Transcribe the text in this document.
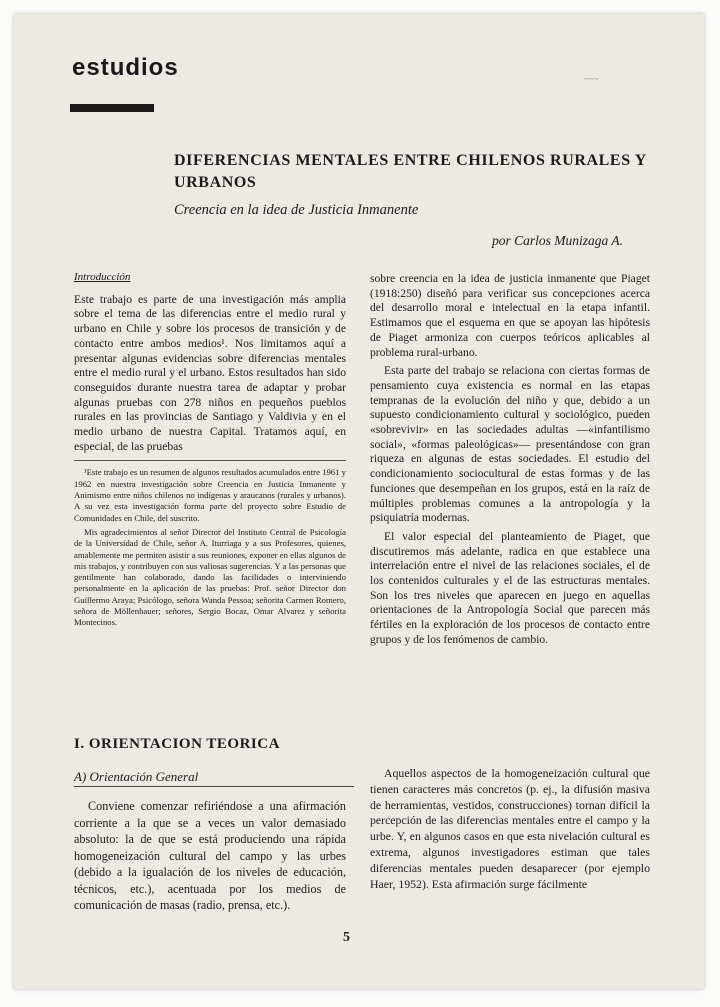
estudios	~~~
DIFERENCIAS MENTALES ENTRE CHILENOS RURALES Y URBANOS

Creencia en la idea de Justicia Inmanente

por Carlos Munizaga A.
Introducción

Este trabajo es parte de una investigación más amplia sobre el tema de las diferencias entre el medio rural y urbano en Chile y sobre los procesos de transición y de contacto entre ambos medios¹. Nos limitamos aquí a presentar algunas evidencias sobre diferencias mentales entre el medio rural y el urbano. Estos resultados han sido conseguidos durante nuestra tarea de adaptar y probar algunas pruebas con 278 niños en pequeños pueblos rurales en las provincias de Santiago y Valdivia y en el medio urbano de nuestra Capital. Tratamos aquí, en especial, de las pruebas

¹Este trabajo es un resumen de algunos resultados acumulados entre 1961 y 1962 en nuestra investigación sobre Creencia en Justicia Inmanente y Animismo entre niños chilenos no indígenas y araucanos (rurales y urbanos). A su vez esta investigación forma parte del proyecto sobre Estudio de Comunidades en Chile, del suscrito.

Mis agradecimientos al señor Director del Instituto Central de Psicología de la Universidad de Chile, señor A. Iturriaga y a sus Profesores, quienes, amablemente me permiten asistir a sus reuniones, exponer en ellas algunos de mis trabajos, y contribuyen con sus valiosas sugerencias. Y a las personas que gentilmente han colaborado, dando las facilidades o interviniendo personalmente en la aplicación de las pruebas: Prof. señor Director don Guillermo Araya; Psicólogo, señora Wanda Pessoa; señorita Carmen Romero, señora de Möllenhauer; señores, Sergio Bocaz, Omar Alvarez y señorita Montecinos.

sobre creencia en la idea de justicia inmanente que Piaget (1918:250) diseñó para verificar sus concepciones acerca del desarrollo moral e intelectual en la etapa infantil. Estimamos que el esquema en que se apoyan las hipótesis de Piaget armoniza con cuerpos teóricos aplicables al problema rural-urbano.

Esta parte del trabajo se relaciona con ciertas formas de pensamiento cuya existencia es normal en las etapas tempranas de la evolución del niño y que, debido a un supuesto condicionamiento cultural y sociológico, pueden «sobrevivir» en las sociedades adultas —«infantilismo social», «formas paleológicas»— presentándose con gran riqueza en algunas de estas sociedades. El estudio del condicionamiento sociocultural de estas formas y de las funciones que desempeñan en los grupos, está en la raíz de múltiples problemas comunes a la antropología y la psiquiatría modernas.

El valor especial del planteamiento de Piaget, que discutiremos más adelante, radica en que establece una interrelación entre el nivel de las relaciones sociales, el de los contenidos culturales y el de las estructuras mentales. Son los tres niveles que aparecen en juego en aquellas orientaciones de la Antropología Social que parecen más fértiles en la exploración de los procesos de contacto entre grupos y de los fenómenos de cambio.

I. ORIENTACION TEORICA
A) Orientación General

Conviene comenzar refiriéndose a una afirmación corriente a la que se a veces un valor demasiado absoluto: la de que se está produciendo una rápida homogeneización cultural del campo y las urbes (debido a la igualación de los niveles de educación, técnicos, etc.), acentuada por los medios de comunicación de masas (radio, prensa, etc.).

Aquellos aspectos de la homogeneización cultural que tienen caracteres más concretos (p. ej., la difusión masiva de herramientas, vestidos, construcciones) tornan difícil la percepción de las diferencias mentales entre el campo y la urbe. Y, en algunos casos en que esta nivelación cultural es extrema, algunos investigadores estiman que tales diferencias mentales pueden desaparecer (por ejemplo Haer, 1952). Esta afirmación surge fácilmente

5
